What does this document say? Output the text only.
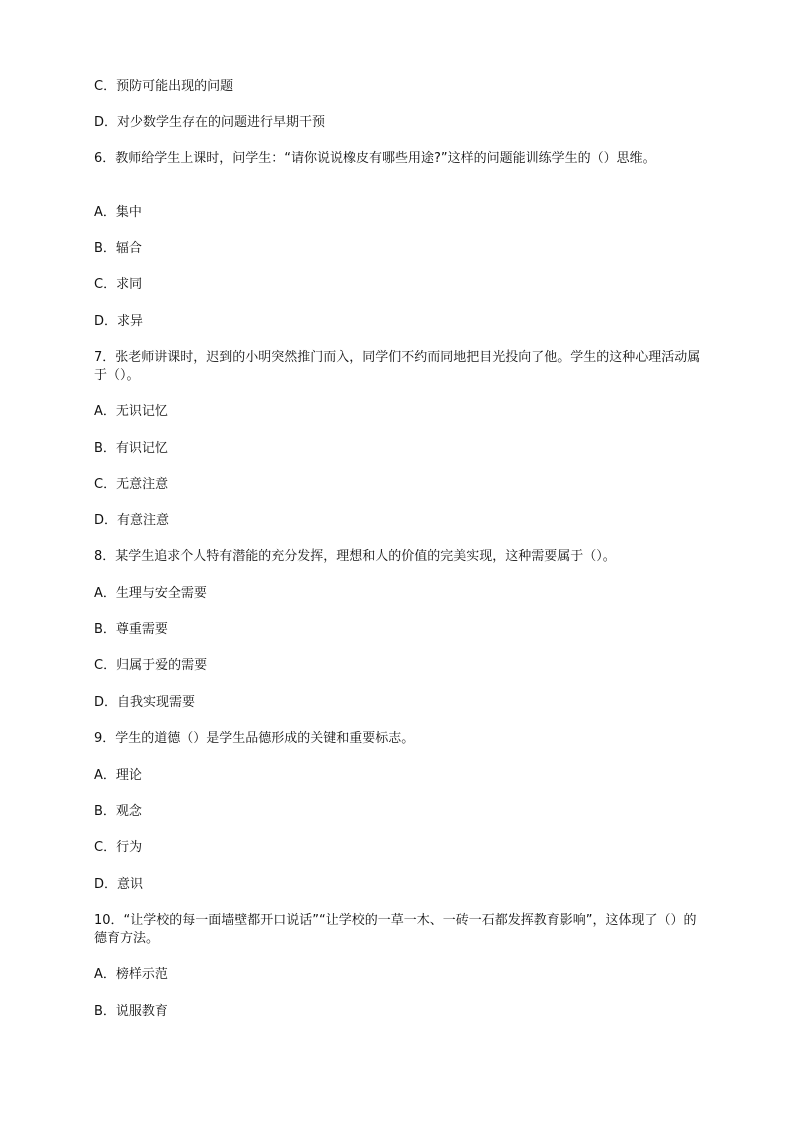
C．预防可能出现的问题
D．对少数学生存在的问题进行早期干预
6．教师给学生上课时，问学生：“请你说说橡皮有哪些用途?”这样的问题能训练学生的（）思维。
A．集中
B．辐合
C．求同
D．求异
7．张老师讲课时，迟到的小明突然推门而入，同学们不约而同地把目光投向了他。学生的这种心理活动属于（）。
A．无识记忆
B．有识记忆
C．无意注意
D．有意注意
8．某学生追求个人特有潜能的充分发挥，理想和人的价值的完美实现，这种需要属于（）。
A．生理与安全需要
B．尊重需要
C．归属于爱的需要
D．自我实现需要
9．学生的道德（）是学生品德形成的关键和重要标志。
A．理论
B．观念
C．行为
D．意识
10．“让学校的每一面墙壁都开口说话”“让学校的一草一木、一砖一石都发挥教育影响”，这体现了（）的德育方法。
A．榜样示范
B．说服教育
